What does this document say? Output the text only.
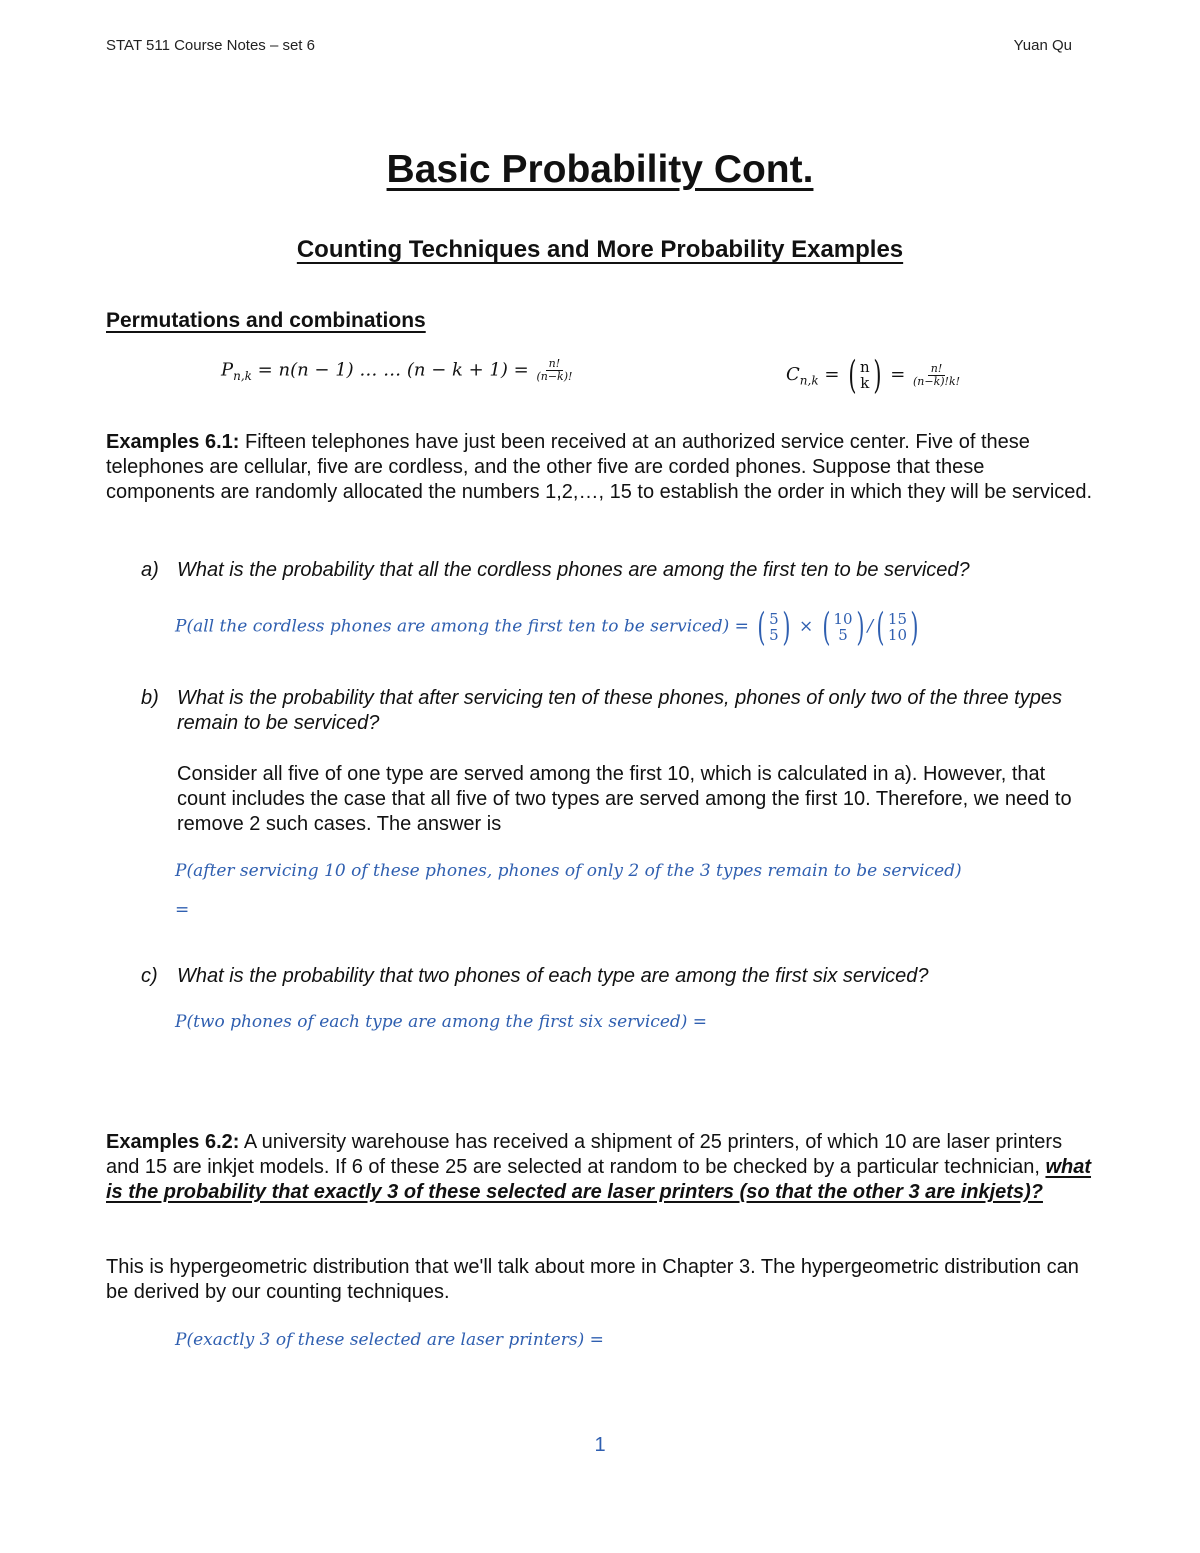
STAT 511 Course Notes – set 6	Yuan Qu
Basic Probability Cont.
Counting Techniques and More Probability Examples
Permutations and combinations
$P_{n,k} = n(n - 1)$ … … $(n - k + 1) = \frac{n!}{(n-k)!}$	$C_{n,k}$ = ( n
k ) = $\frac{n!}{(n-k)!k!}$
Examples 6.1: Fifteen telephones have just been received at an authorized service center. Five of these telephones are cellular, five are cordless, and the other five are corded phones. Suppose that these components are randomly allocated the numbers 1,2,…, 15 to establish the order in which they will be serviced.
a) What is the probability that all the cordless phones are among the first ten to be serviced?
P(all the cordless phones are among the first ten to be serviced) = ( 5
5 ) × ( 10
5 ) / ( 15
10 )
b) What is the probability that after servicing ten of these phones, phones of only two of the three types remain to be serviced?
Consider all five of one type are served among the first 10, which is calculated in a). However, that count includes the case that all five of two types are served among the first 10. Therefore, we need to remove 2 such cases. The answer is
P(after servicing 10 of these phones, phones of only 2 of the 3 types remain to be serviced)
=
c) What is the probability that two phones of each type are among the first six serviced?
P(two phones of each type are among the first six serviced) =
Examples 6.2: A university warehouse has received a shipment of 25 printers, of which 10 are laser printers and 15 are inkjet models. If 6 of these 25 are selected at random to be checked by a particular technician, what is the probability that exactly 3 of these selected are laser printers (so that the other 3 are inkjets)?
This is hypergeometric distribution that we'll talk about more in Chapter 3. The hypergeometric distribution can be derived by our counting techniques.
P(exactly 3 of these selected are laser printers) =
1
